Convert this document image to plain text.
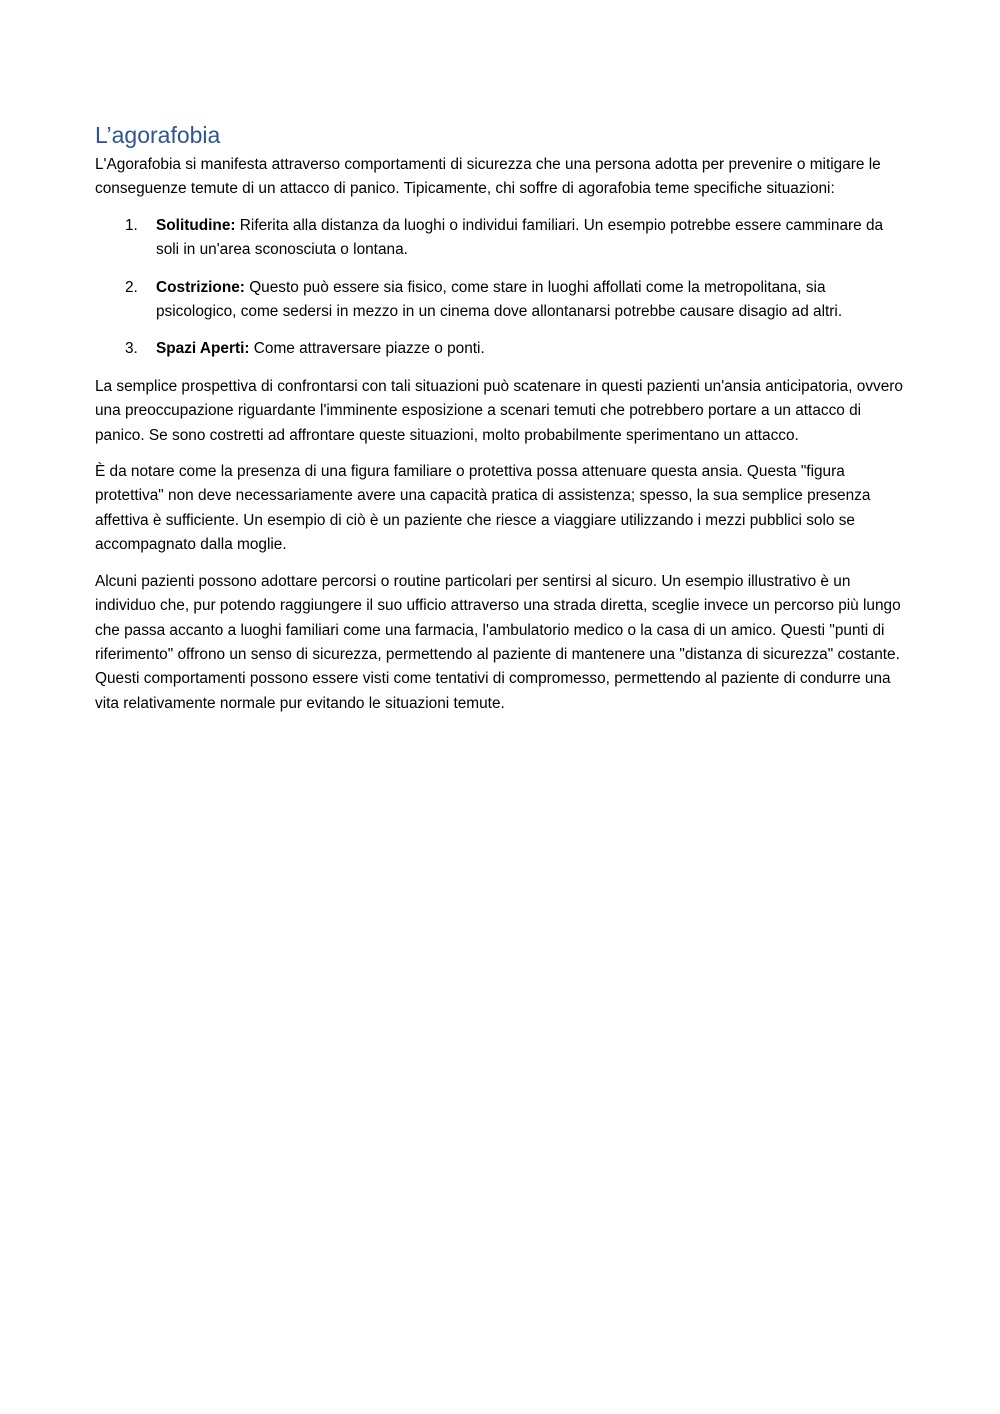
L’agorafobia

L'Agorafobia si manifesta attraverso comportamenti di sicurezza che una persona adotta per prevenire o mitigare le conseguenze temute di un attacco di panico. Tipicamente, chi soffre di agorafobia teme specifiche situazioni:

1. Solitudine: Riferita alla distanza da luoghi o individui familiari. Un esempio potrebbe essere camminare da soli in un'area sconosciuta o lontana.
2. Costrizione: Questo può essere sia fisico, come stare in luoghi affollati come la metropolitana, sia psicologico, come sedersi in mezzo in un cinema dove allontanarsi potrebbe causare disagio ad altri.
3. Spazi Aperti: Come attraversare piazze o ponti.

La semplice prospettiva di confrontarsi con tali situazioni può scatenare in questi pazienti un'ansia anticipatoria, ovvero una preoccupazione riguardante l'imminente esposizione a scenari temuti che potrebbero portare a un attacco di panico. Se sono costretti ad affrontare queste situazioni, molto probabilmente sperimentano un attacco.

È da notare come la presenza di una figura familiare o protettiva possa attenuare questa ansia. Questa "figura protettiva" non deve necessariamente avere una capacità pratica di assistenza; spesso, la sua semplice presenza affettiva è sufficiente. Un esempio di ciò è un paziente che riesce a viaggiare utilizzando i mezzi pubblici solo se accompagnato dalla moglie.

Alcuni pazienti possono adottare percorsi o routine particolari per sentirsi al sicuro. Un esempio illustrativo è un individuo che, pur potendo raggiungere il suo ufficio attraverso una strada diretta, sceglie invece un percorso più lungo che passa accanto a luoghi familiari come una farmacia, l'ambulatorio medico o la casa di un amico. Questi "punti di riferimento" offrono un senso di sicurezza, permettendo al paziente di mantenere una "distanza di sicurezza" costante. Questi comportamenti possono essere visti come tentativi di compromesso, permettendo al paziente di condurre una vita relativamente normale pur evitando le situazioni temute.
